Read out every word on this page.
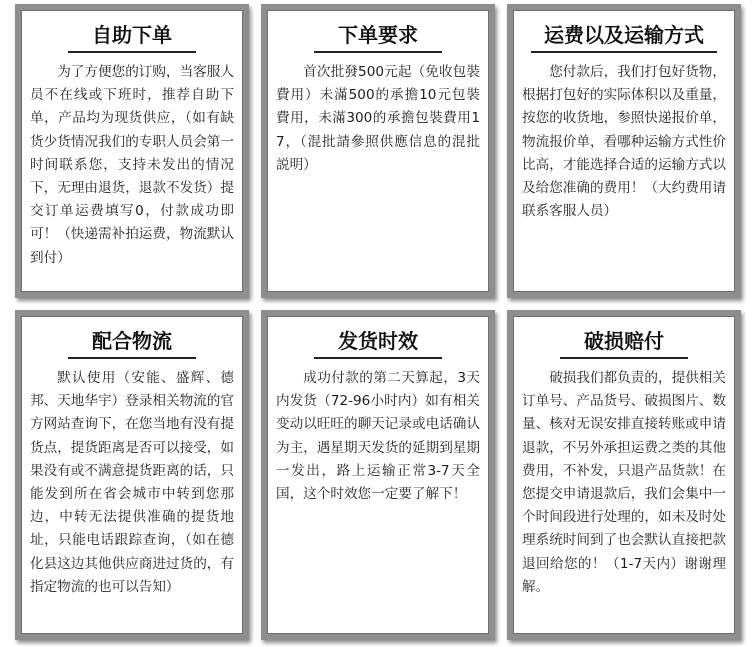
自助下单
为了方便您的订购，当客服人员不在线或下班时，推荐自助下单，产品均为现货供应，（如有缺货少货情况我们的专职人员会第一时间联系您，支持未发出的情况下，无理由退货，退款不发货）提交订单运费填写0，付款成功即可！（快递需补拍运费，物流默认到付）
下单要求
首次批發500元起（免收包裝費用）未滿500的承擔10元包裝費用，未滿300的承擔包裝費用17，（混批請參照供應信息的混批説明）
运费以及运输方式
您付款后，我们打包好货物，根据打包好的实际体积以及重量，按您的收货地，参照快递报价单，物流报价单，看哪种运输方式性价比高，才能选择合适的运输方式以及给您准确的费用！（大约费用请联系客服人员）
配合物流
默认使用（安能、盛辉、德邦、天地华宇）登录相关物流的官方网站查询下，在您当地有没有提货点，提货距离是否可以接受，如果没有或不满意提货距离的话，只能发到所在省会城市中转到您那边，中转无法提供准确的提货地址，只能电话跟踪查询，（如在德化县这边其他供应商进过货的，有指定物流的也可以告知）
发货时效
成功付款的第二天算起，3天内发货（72-96小时内）如有相关变动以旺旺的聊天记录或电话确认为主，遇星期天发货的延期到星期一发出，路上运输正常3-7天全国，这个时效您一定要了解下！
破损赔付
破损我们都负责的，提供相关订单号、产品货号、破损图片、数量、核对无误安排直接转账或申请退款，不另外承担运费之类的其他费用，不补发，只退产品货款！在您提交申请退款后，我们会集中一个时间段进行处理的，如未及时处理系统时间到了也会默认直接把款退回给您的！（1-7天内）谢谢理解。
